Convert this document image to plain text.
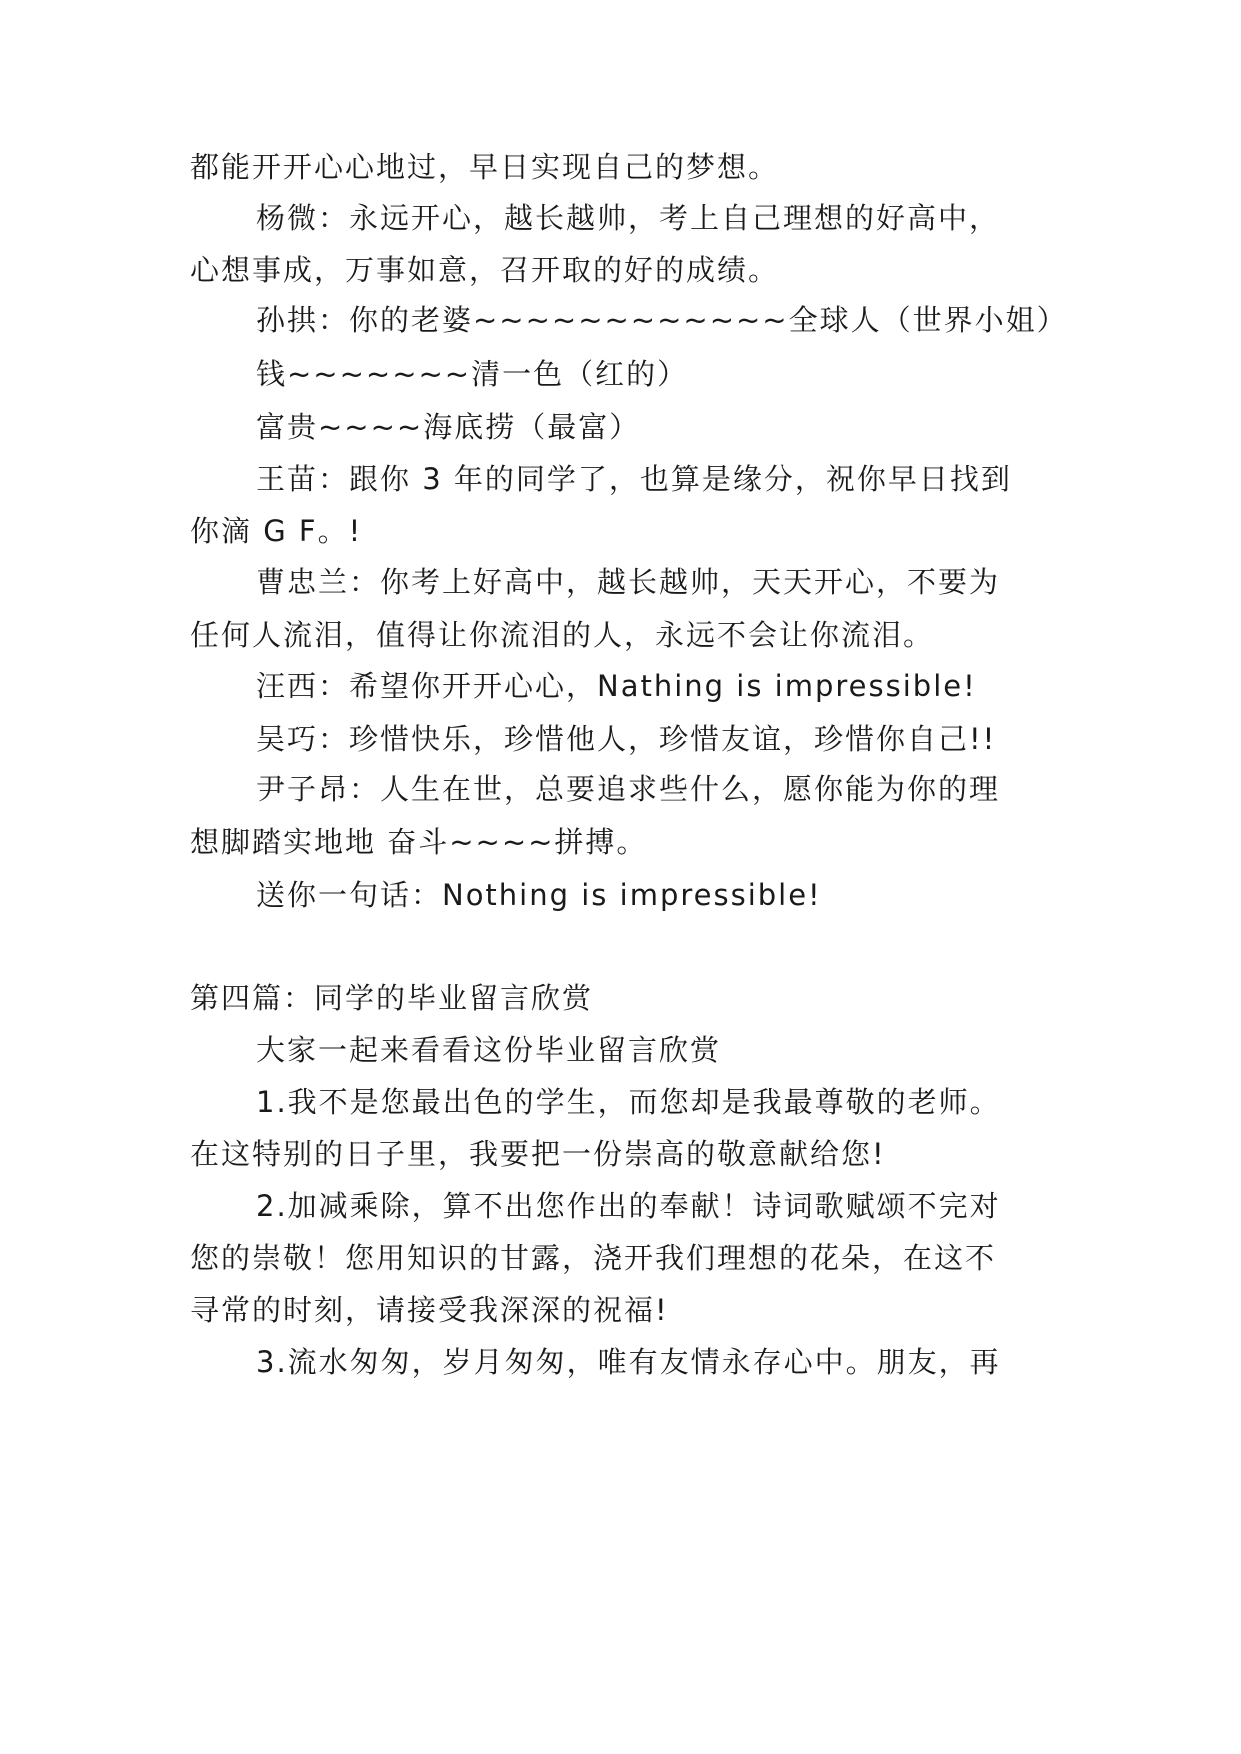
都能开开心心地过，早日实现自己的梦想。
杨微：永远开心，越长越帅，考上自己理想的好高中，
心想事成，万事如意，召开取的好的成绩。
孙拱：你的老婆~~~~~~~~~~~~全球人（世界小姐）
钱~~~~~~~清一色（红的）
富贵~~~~海底捞（最富）
王苗：跟你 3 年的同学了，也算是缘分，祝你早日找到
你滴 G F。!
曹忠兰：你考上好高中，越长越帅，天天开心，不要为
任何人流泪，值得让你流泪的人，永远不会让你流泪。
汪西：希望你开开心心，Nathing is impressible!
吴巧：珍惜快乐，珍惜他人，珍惜友谊，珍惜你自己!!
尹子昂：人生在世，总要追求些什么，愿你能为你的理
想脚踏实地地 奋斗~~~~拼搏。
送你一句话：Nothing is impressible!
第四篇：同学的毕业留言欣赏
大家一起来看看这份毕业留言欣赏
1.我不是您最出色的学生，而您却是我最尊敬的老师。
在这特别的日子里，我要把一份崇高的敬意献给您!
2.加减乘除，算不出您作出的奉献！诗词歌赋颂不完对
您的崇敬！您用知识的甘露，浇开我们理想的花朵，在这不
寻常的时刻，请接受我深深的祝福!
3.流水匆匆，岁月匆匆，唯有友情永存心中。朋友，再
